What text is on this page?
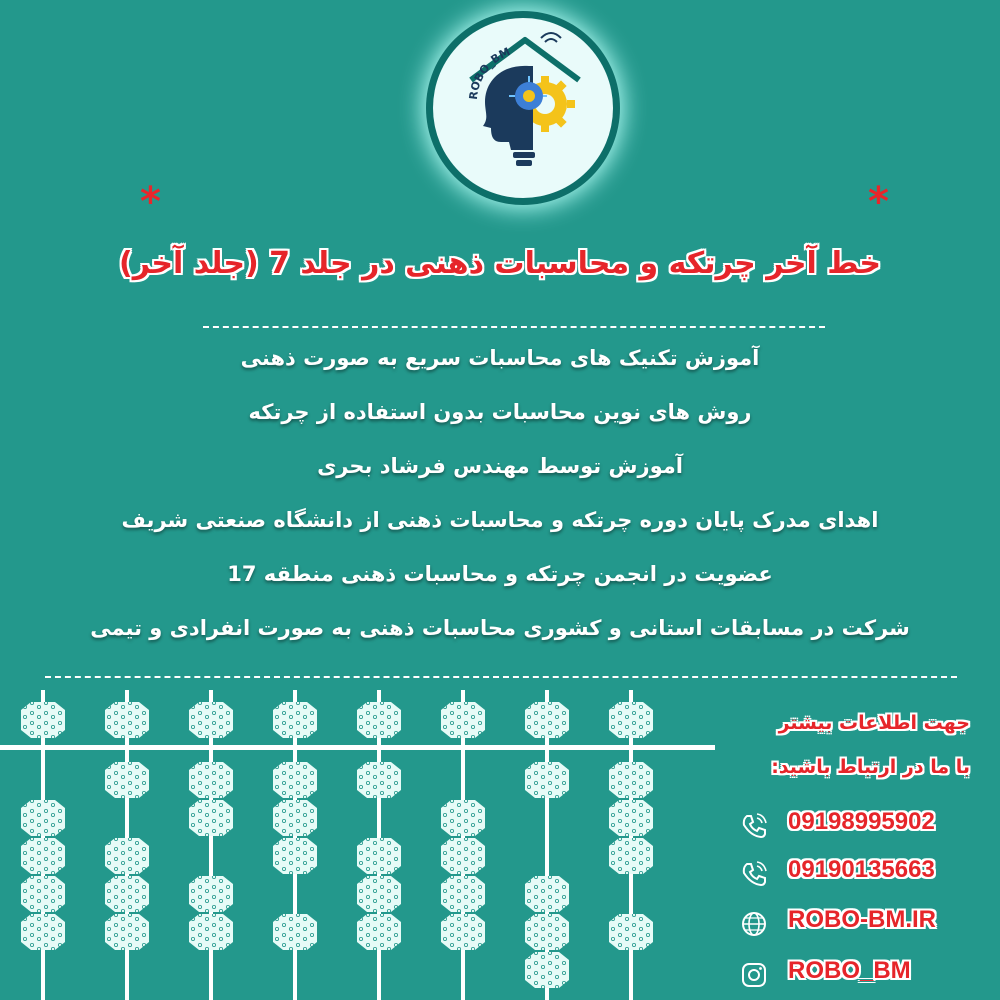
ROBO_BM
*	*
خط آخر چرتکه و محاسبات ذهنی در جلد 7 (جلد آخر)
آموزش تکنیک های محاسبات سریع به صورت ذهنی
روش های نوین محاسبات بدون استفاده از چرتکه
آموزش توسط مهندس فرشاد بحری
اهدای مدرک پایان دوره چرتکه و محاسبات ذهنی از دانشگاه صنعتی شریف
عضویت در انجمن چرتکه و محاسبات ذهنی منطقه 17
شرکت در مسابقات استانی و کشوری محاسبات ذهنی به صورت انفرادی و تیمی
جهت اطلاعات بیشتر
با ما در ارتباط باشید:
09198995902
09190135663
ROBO-BM.IR
ROBO_BM
